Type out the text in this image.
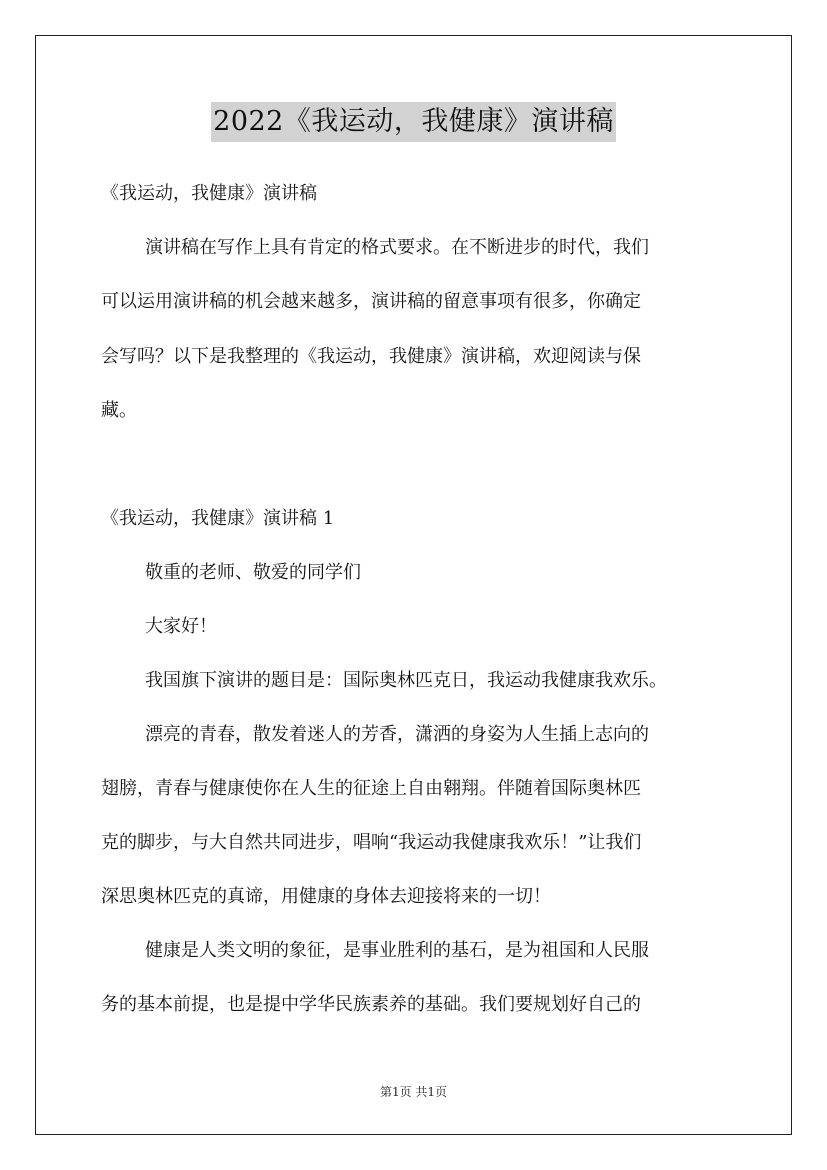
2022《我运动，我健康》演讲稿
《我运动，我健康》演讲稿
演讲稿在写作上具有肯定的格式要求。在不断进步的时代，我们
可以运用演讲稿的机会越来越多，演讲稿的留意事项有很多，你确定
会写吗？以下是我整理的《我运动，我健康》演讲稿，欢迎阅读与保
藏。
《我运动，我健康》演讲稿 1
敬重的老师、敬爱的同学们
大家好！
我国旗下演讲的题目是：国际奥林匹克日，我运动我健康我欢乐。
漂亮的青春，散发着迷人的芳香，潇洒的身姿为人生插上志向的
翅膀，青春与健康使你在人生的征途上自由翱翔。伴随着国际奥林匹
克的脚步，与大自然共同进步，唱响“我运动我健康我欢乐！”让我们
深思奥林匹克的真谛，用健康的身体去迎接将来的一切！
健康是人类文明的象征，是事业胜利的基石，是为祖国和人民服
务的基本前提，也是提中学华民族素养的基础。我们要规划好自己的
第1页 共1页
